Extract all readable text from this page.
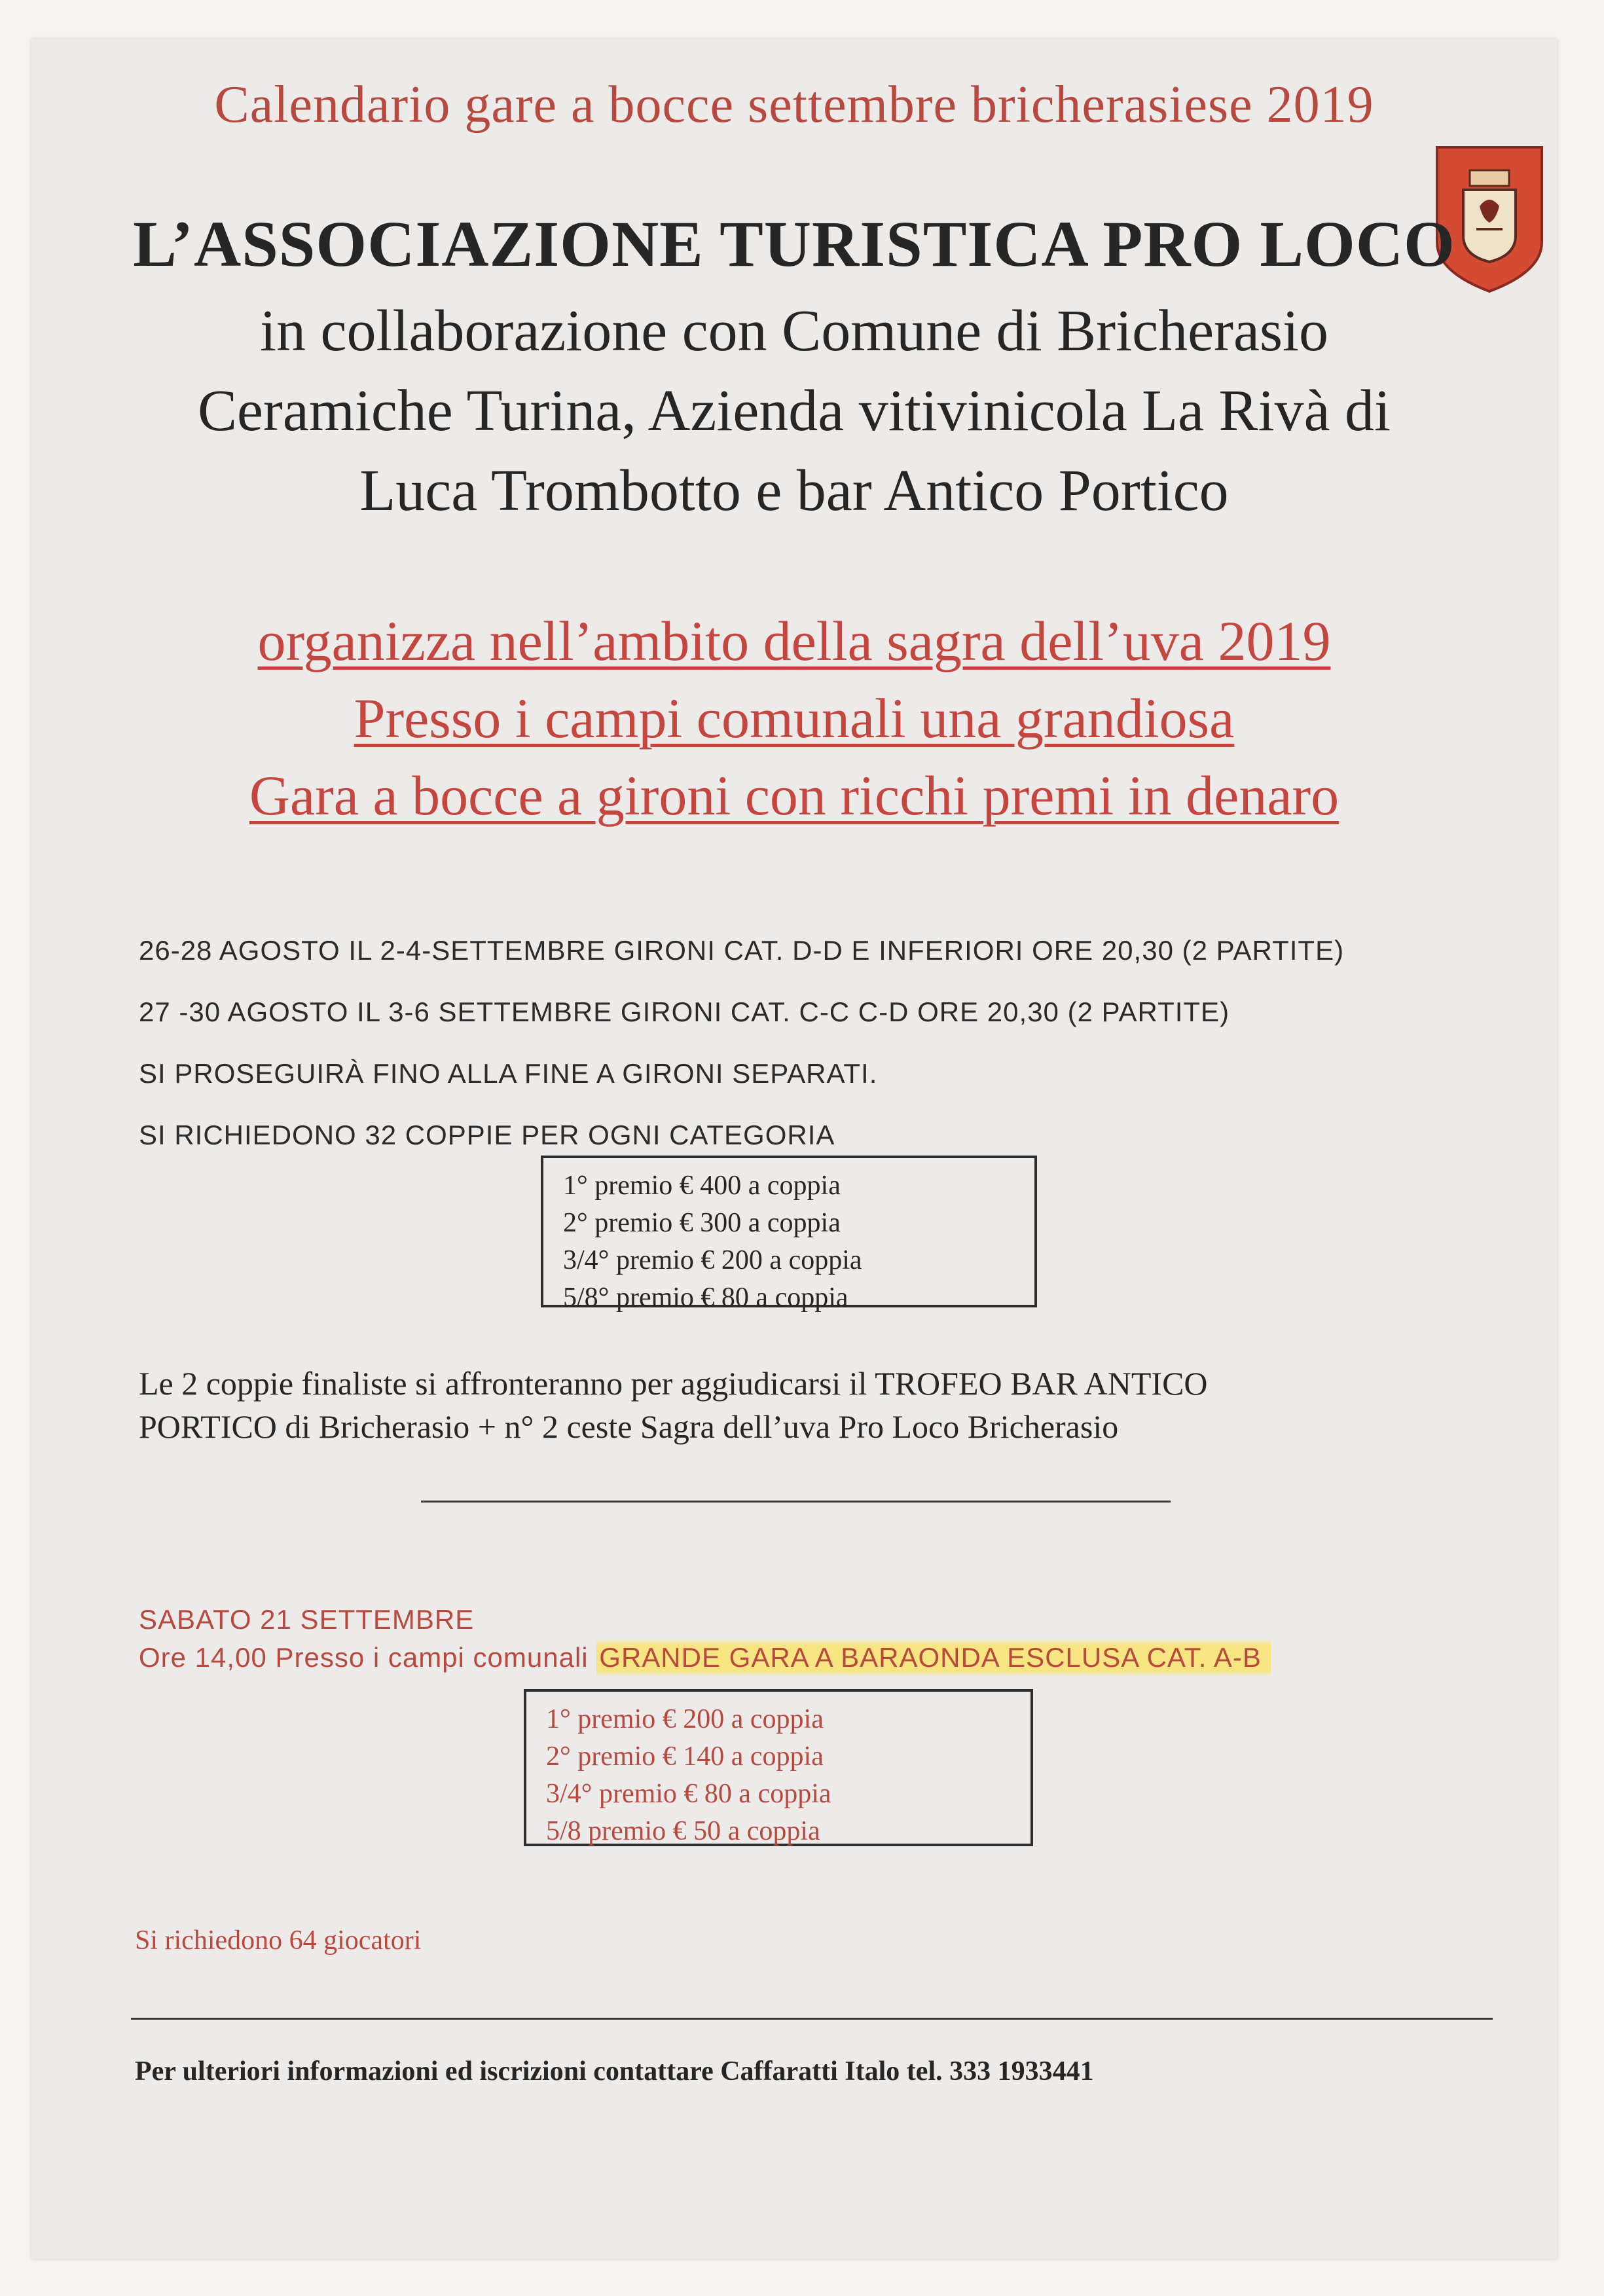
Calendario gare a bocce settembre bricherasiese 2019
L’ASSOCIAZIONE TURISTICA PRO LOCO
in collaborazione con Comune di Bricherasio
Ceramiche Turina, Azienda vitivinicola La Rivà di
Luca Trombotto e bar Antico Portico
organizza nell’ambito della sagra dell’uva 2019
Presso i campi comunali una grandiosa
Gara a bocce a gironi con ricchi premi in denaro
26-28 AGOSTO IL 2-4-SETTEMBRE GIRONI CAT. D-D E INFERIORI ORE 20,30 (2 PARTITE)
27 -30 AGOSTO IL 3-6 SETTEMBRE GIRONI CAT. C-C C-D ORE 20,30 (2 PARTITE)
SI PROSEGUIRÀ FINO ALLA FINE A GIRONI SEPARATI.
SI RICHIEDONO 32 COPPIE PER OGNI CATEGORIA
1° premio € 400 a coppia
2° premio € 300 a coppia
3/4° premio € 200 a coppia
5/8° premio € 80 a coppia
Le 2 coppie finaliste si affronteranno per aggiudicarsi il TROFEO BAR ANTICO
PORTICO di Bricherasio + n° 2 ceste Sagra dell’uva Pro Loco Bricherasio
SABATO 21 SETTEMBRE
Ore 14,00 Presso i campi comunali GRANDE GARA A BARAONDA ESCLUSA CAT. A-B
1° premio € 200 a coppia
2° premio € 140 a coppia
3/4° premio € 80 a coppia
5/8 premio € 50 a coppia
Si richiedono 64 giocatori
Per ulteriori informazioni ed iscrizioni contattare Caffaratti Italo tel. 333 1933441
